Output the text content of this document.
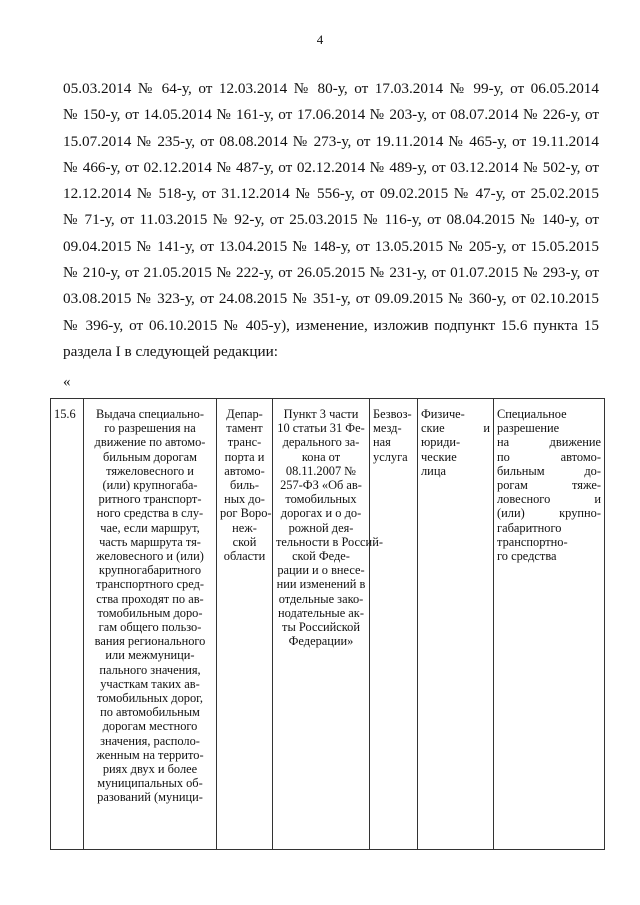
4
05.03.2014 № 64-у, от 12.03.2014 № 80-у, от 17.03.2014 № 99-у, от 06.05.2014
№ 150-у, от 14.05.2014 № 161-у, от 17.06.2014 № 203-у, от 08.07.2014 № 226-у, от
15.07.2014 № 235-у, от 08.08.2014 № 273-у, от 19.11.2014 № 465-у, от 19.11.2014
№ 466-у, от 02.12.2014 № 487-у, от 02.12.2014 № 489-у, от 03.12.2014 № 502-у, от
12.12.2014 № 518-у, от 31.12.2014 № 556-у, от 09.02.2015 № 47-у, от 25.02.2015
№ 71-у, от 11.03.2015 № 92-у, от 25.03.2015 № 116-у, от 08.04.2015 № 140-у, от
09.04.2015 № 141-у, от 13.04.2015 № 148-у, от 13.05.2015 № 205-у, от 15.05.2015
№ 210-у, от 21.05.2015 № 222-у, от 26.05.2015 № 231-у, от 01.07.2015 № 293-у, от
03.08.2015 № 323-у, от 24.08.2015 № 351-у, от 09.09.2015 № 360-у, от 02.10.2015
№ 396-у, от 06.10.2015 № 405-у), изменение, изложив подпункт 15.6 пункта 15
раздела I в следующей редакции:
«
15.6	Выдача специально-
го разрешения на
движение по автомо-
бильным дорогам
тяжеловесного и
(или) крупногаба-
ритного транспорт-
ного средства в слу-
чае, если маршрут,
часть маршрута тя-
желовесного и (или)
крупногабаритного
транспортного сред-
ства проходят по ав-
томобильным доро-
гам общего пользо-
вания регионального
или межмуници-
пального значения,
участкам таких ав-
томобильных дорог,
по автомобильным
дорогам местного
значения, располо-
женным на террито-
риях двух и более
муниципальных об-
разований (муници-

Депар-
тамент
транс-
порта и
автомо-
биль-
ных до-
рог Воро-
неж-
ской
области

Пункт 3 части
10 статьи 31 Фе-
дерального за-
кона от
08.11.2007 №
257-ФЗ «Об ав-
томобильных
дорогах и о до-
рожной дея-
тельности в Россий-
ской Феде-
рации и о внесе-
нии изменений в
отдельные зако-
нодательные ак-
ты Российской
Федерации»

Безвоз-
мезд-
ная
услуга

Физиче-
ские и
юриди-
ческие
лица

Специальное
разрешение
на движение
по автомо-
бильным до-
рогам тяже-
ловесного и
(или) крупно-
габаритного
транспортно-
го средства
